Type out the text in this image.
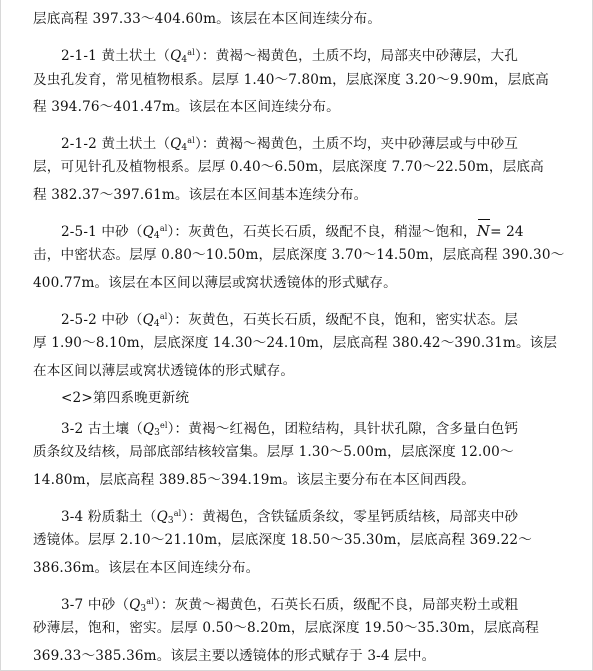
层底高程 397.33～404.60m。该层在本区间连续分布。
2-1-1 黄土状土$(Q_4^{al})$：黄褐～褐黄色，土质不均，局部夹中砂薄层，大孔
及虫孔发育，常见植物根系。层厚 1.40～7.80m，层底深度 3.20～9.90m，层底高
程 394.76～401.47m。该层在本区间连续分布。
2-1-2 黄土状土$(Q_4^{al})$：黄褐～褐黄色，土质不均，夹中砂薄层或与中砂互
层，可见针孔及植物根系。层厚 0.40～6.50m，层底深度 7.70～22.50m，层底高
程 382.37～397.61m。该层在本区间基本连续分布。
2-5-1 中砂$(Q_4^{al})$：灰黄色，石英长石质，级配不良，稍湿～饱和，N= 24
击，中密状态。层厚 0.80～10.50m，层底深度 3.70～14.50m，层底高程 390.30～
400.77m。该层在本区间以薄层或窝状透镜体的形式赋存。
2-5-2 中砂$(Q_4^{al})$：灰黄色，石英长石质，级配不良，饱和，密实状态。层
厚 1.90～8.10m，层底深度 14.30～24.10m，层底高程 380.42～390.31m。该层
在本区间以薄层或窝状透镜体的形式赋存。
<2>第四系晚更新统
3-2 古土壤$(Q_3^{el})$：黄褐～红褐色，团粒结构，具针状孔隙，含多量白色钙
质条纹及结核，局部底部结核较富集。层厚 1.30～5.00m，层底深度 12.00～
14.80m，层底高程 389.85～394.19m。该层主要分布在本区间西段。
3-4 粉质黏土$(Q_3^{al})$：黄褐色，含铁锰质条纹，零星钙质结核，局部夹中砂
透镜体。层厚 2.10～21.10m，层底深度 18.50～35.30m，层底高程 369.22～
386.36m。该层在本区间连续分布。
3-7 中砂$(Q_3^{al})$：灰黄～褐黄色，石英长石质，级配不良，局部夹粉土或粗
砂薄层，饱和，密实。层厚 0.50～8.20m，层底深度 19.50～35.30m，层底高程
369.33～385.36m。该层主要以透镜体的形式赋存于 3-4 层中。
